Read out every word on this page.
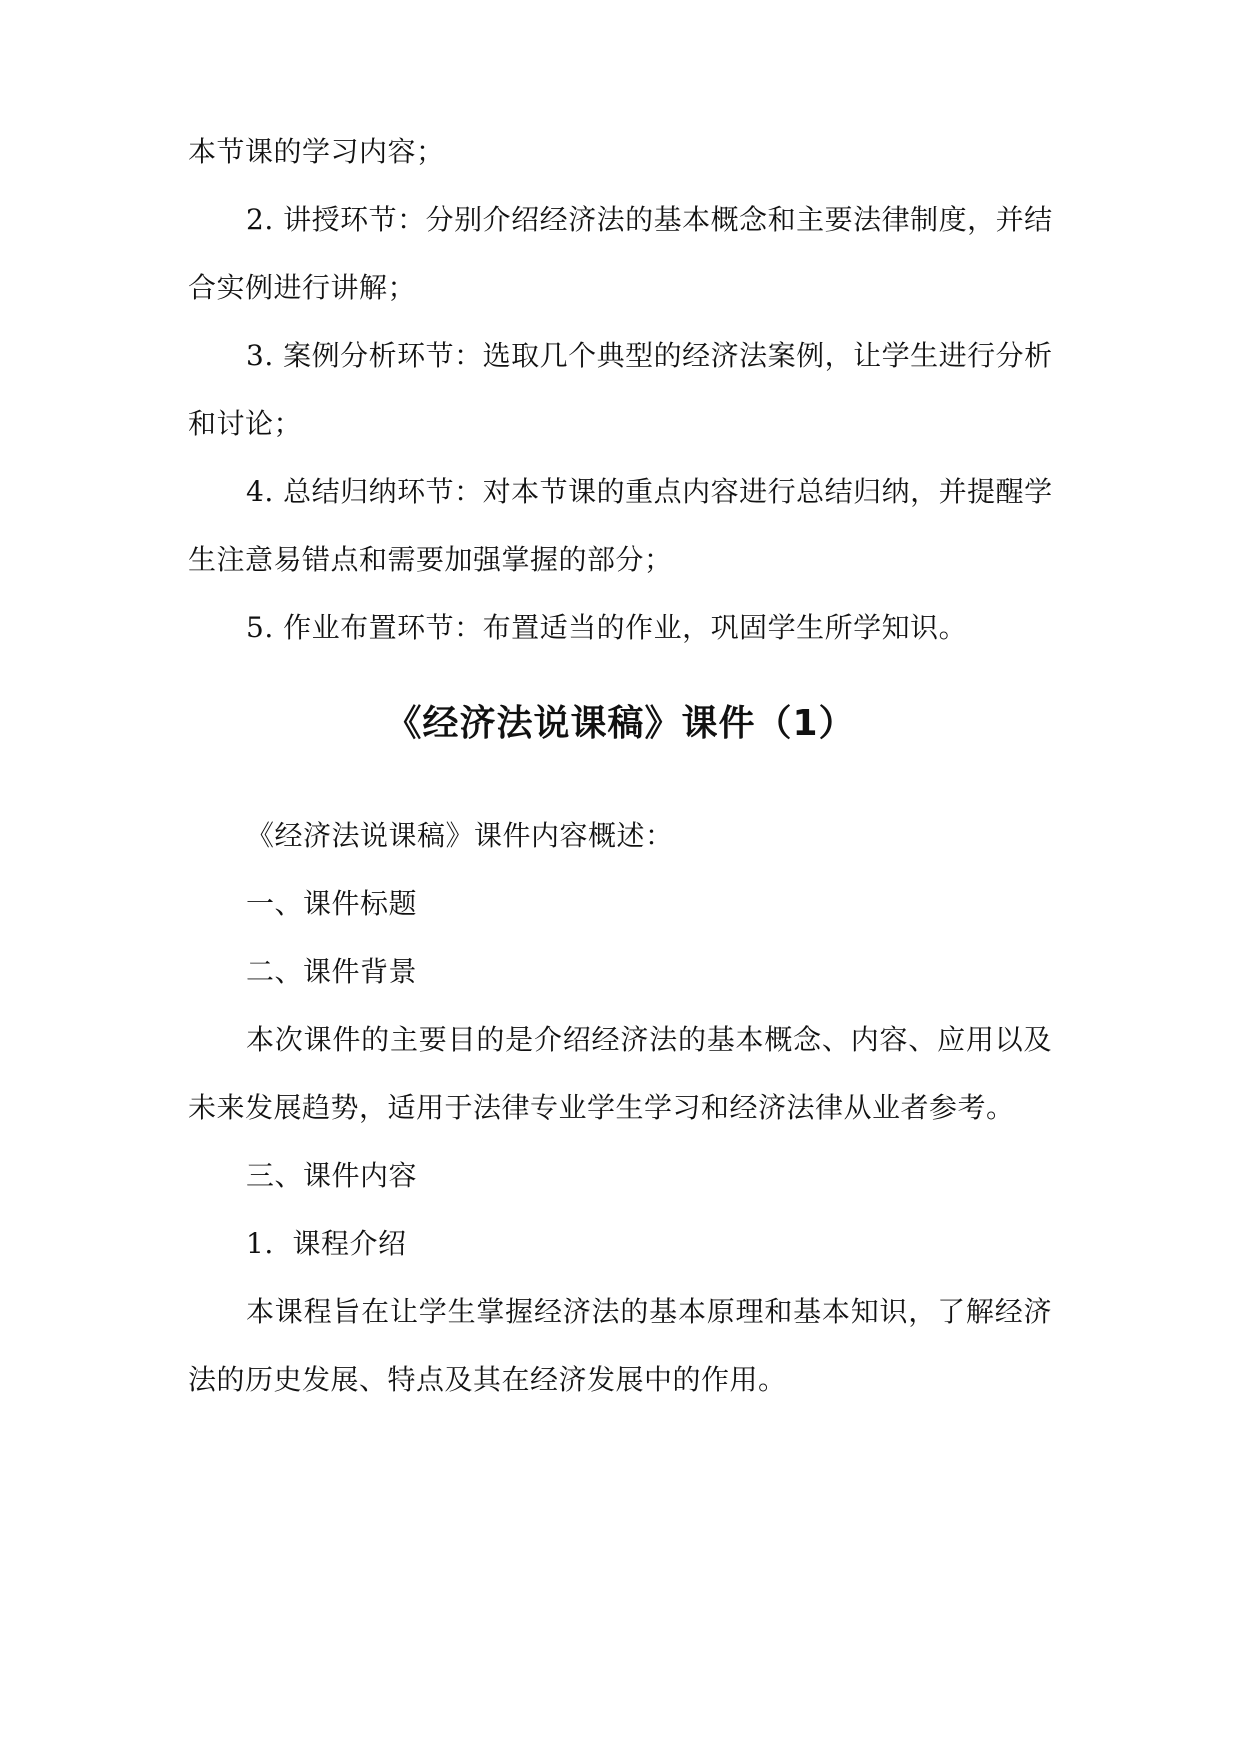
本节课的学习内容；
2. 讲授环节：分别介绍经济法的基本概念和主要法律制度，并结
合实例进行讲解；
3. 案例分析环节：选取几个典型的经济法案例，让学生进行分析
和讨论；
4. 总结归纳环节：对本节课的重点内容进行总结归纳，并提醒学
生注意易错点和需要加强掌握的部分；
5. 作业布置环节：布置适当的作业，巩固学生所学知识。
《经济法说课稿》课件（1）
《经济法说课稿》课件内容概述：
一、课件标题
二、课件背景
本次课件的主要目的是介绍经济法的基本概念、内容、应用以及
未来发展趋势，适用于法律专业学生学习和经济法律从业者参考。
三、课件内容
1.  课程介绍
本课程旨在让学生掌握经济法的基本原理和基本知识，了解经济
法的历史发展、特点及其在经济发展中的作用。
